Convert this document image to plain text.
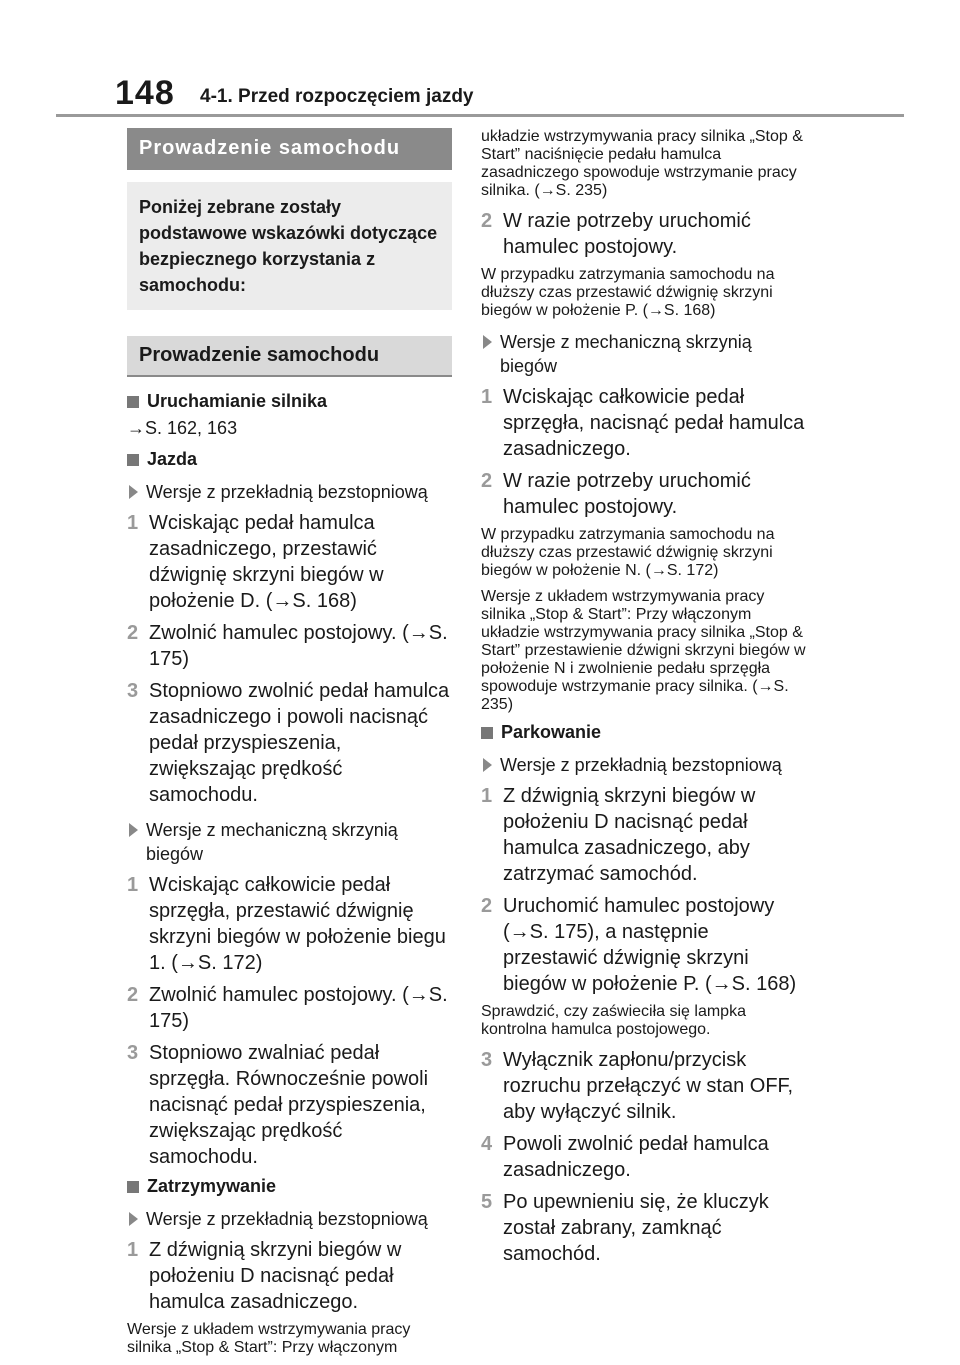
148 4-1. Przed rozpoczęciem jazdy
Prowadzenie samochodu
Poniżej zebrane zostały podstawowe wskazówki dotyczące bezpiecznego korzystania z samochodu:
Prowadzenie samochodu
Uruchamianie silnika
→S. 162, 163
Jazda
Wersje z przekładnią bezstopniową
1 Wciskając pedał hamulca zasadniczego, przestawić dźwignię skrzyni biegów w położenie D. (→S. 168)
2 Zwolnić hamulec postojowy. (→S. 175)
3 Stopniowo zwolnić pedał hamulca zasadniczego i powoli nacisnąć pedał przyspieszenia, zwiększając prędkość samochodu.
Wersje z mechaniczną skrzynią biegów
1 Wciskając całkowicie pedał sprzęgła, przestawić dźwignię skrzyni biegów w położenie biegu 1. (→S. 172)
2 Zwolnić hamulec postojowy. (→S. 175)
3 Stopniowo zwalniać pedał sprzęgła. Równocześnie powoli nacisnąć pedał przyspieszenia, zwiększając prędkość samochodu.
Zatrzymywanie
Wersje z przekładnią bezstopniową
1 Z dźwignią skrzyni biegów w położeniu D nacisnąć pedał hamulca zasadniczego.
Wersje z układem wstrzymywania pracy silnika „Stop & Start”: Przy włączonym
układzie wstrzymywania pracy silnika „Stop & Start” naciśnięcie pedału hamulca zasadniczego spowoduje wstrzymanie pracy silnika. (→S. 235)
2 W razie potrzeby uruchomić hamulec postojowy.
W przypadku zatrzymania samochodu na dłuższy czas przestawić dźwignię skrzyni biegów w położenie P. (→S. 168)
Wersje z mechaniczną skrzynią biegów
1 Wciskając całkowicie pedał sprzęgła, nacisnąć pedał hamulca zasadniczego.
2 W razie potrzeby uruchomić hamulec postojowy.
W przypadku zatrzymania samochodu na dłuższy czas przestawić dźwignię skrzyni biegów w położenie N. (→S. 172)
Wersje z układem wstrzymywania pracy silnika „Stop & Start”: Przy włączonym układzie wstrzymywania pracy silnika „Stop & Start” przestawienie dźwigni skrzyni biegów w położenie N i zwolnienie pedału sprzęgła spowoduje wstrzymanie pracy silnika. (→S. 235)
Parkowanie
Wersje z przekładnią bezstopniową
1 Z dźwignią skrzyni biegów w położeniu D nacisnąć pedał hamulca zasadniczego, aby zatrzymać samochód.
2 Uruchomić hamulec postojowy (→S. 175), a następnie przestawić dźwignię skrzyni biegów w położenie P. (→S. 168)
Sprawdzić, czy zaświeciła się lampka kontrolna hamulca postojowego.
3 Wyłącznik zapłonu/przycisk rozruchu przełączyć w stan OFF, aby wyłączyć silnik.
4 Powoli zwolnić pedał hamulca zasadniczego.
5 Po upewnieniu się, że kluczyk został zabrany, zamknąć samochód.
